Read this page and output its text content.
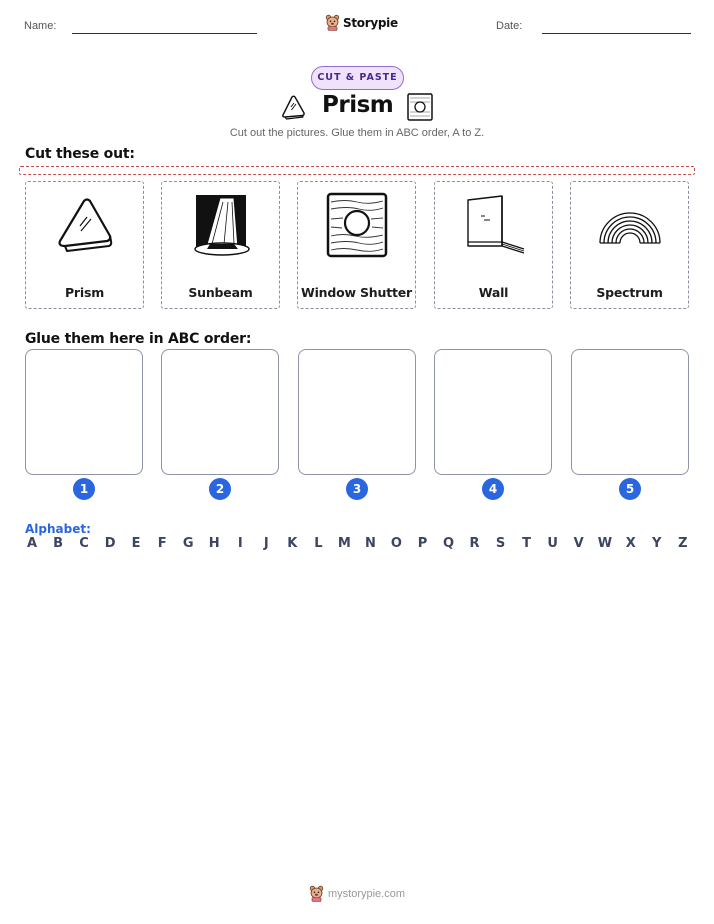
Name:	Storypie	Date:
CUT & PASTE
Prism
Cut out the pictures. Glue them in ABC order, A to Z.
Cut these out:
Prism	Sunbeam	Window Shutter	Wall	Spectrum
Glue them here in ABC order:
1	2	3	4	5
Alphabet:
A B C D E F G H	I	J	K L M N O P Q R S T U V W X Y Z
mystorypie.com
